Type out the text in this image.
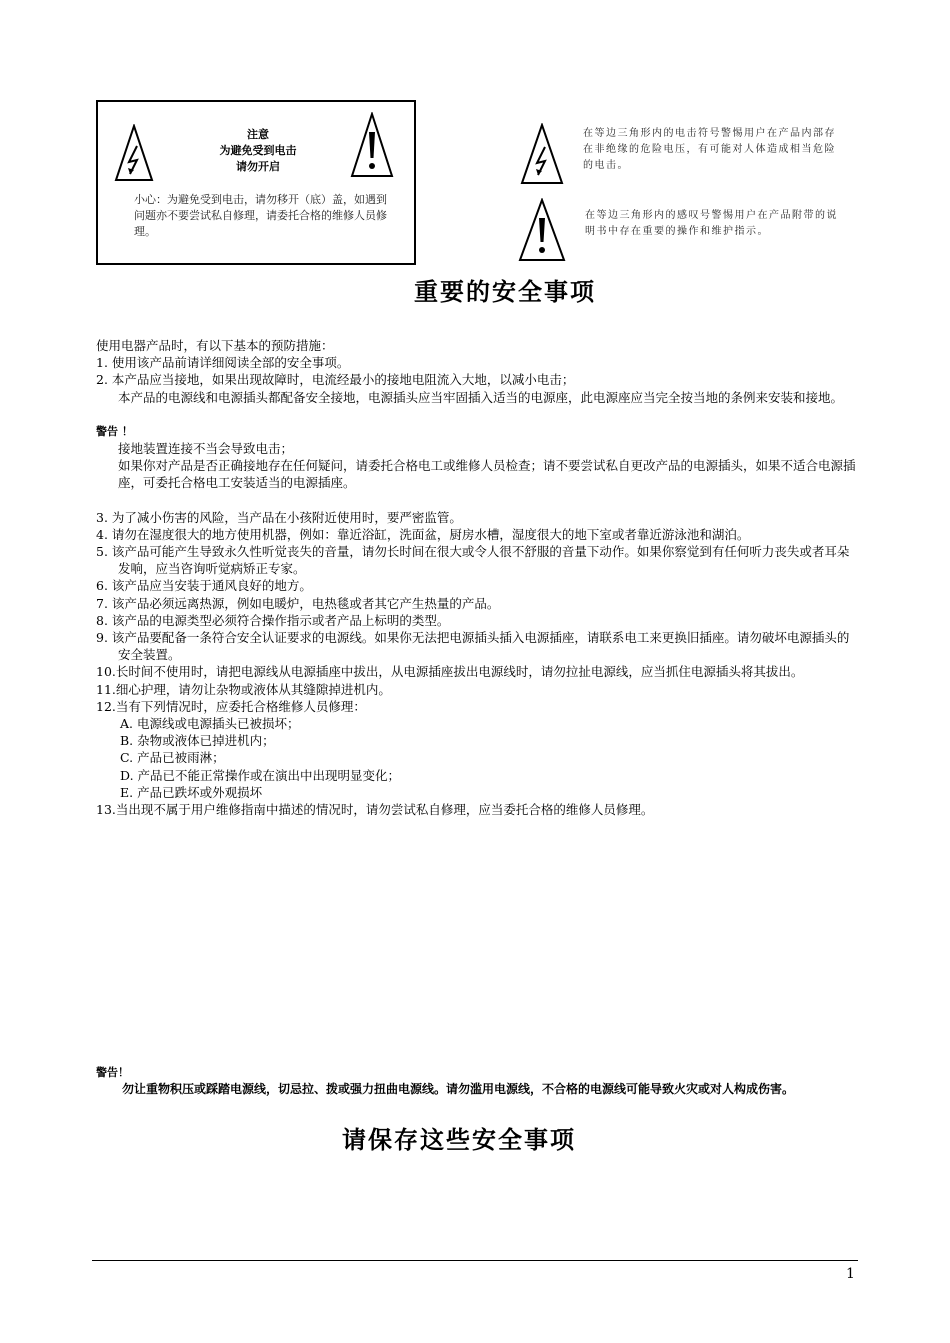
注意
为避免受到电击
请勿开启
小心：为避免受到电击，请勿移开（底）盖，如遇到问题亦不要尝试私自修理，请委托合格的维修人员修理。
在等边三角形内的电击符号警惕用户在产品内部存在非绝缘的危险电压，有可能对人体造成相当危险的电击。
在等边三角形内的感叹号警惕用户在产品附带的说明书中存在重要的操作和维护指示。
重要的安全事项
使用电器产品时，有以下基本的预防措施：
1. 使用该产品前请详细阅读全部的安全事项。
2. 本产品应当接地，如果出现故障时，电流经最小的接地电阻流入大地，以减小电击；
本产品的电源线和电源插头都配备安全接地，电源插头应当牢固插入适当的电源座，此电源座应当完全按当地的条例来安装和接地。
警告 ！
接地装置连接不当会导致电击；
如果你对产品是否正确接地存在任何疑问，请委托合格电工或维修人员检查；请不要尝试私自更改产品的电源插头，如果不适合电源插座，可委托合格电工安装适当的电源插座。
3. 为了减小伤害的风险，当产品在小孩附近使用时，要严密监管。
4. 请勿在湿度很大的地方使用机器，例如：靠近浴缸，洗面盆，厨房水槽，湿度很大的地下室或者靠近游泳池和湖泊。
5. 该产品可能产生导致永久性听觉丧失的音量，请勿长时间在很大或令人很不舒服的音量下动作。如果你察觉到有任何听力丧失或者耳朵发响，应当咨询听觉病矫正专家。
6. 该产品应当安装于通风良好的地方。
7. 该产品必须远离热源，例如电暖炉，电热毯或者其它产生热量的产品。
8. 该产品的电源类型必须符合操作指示或者产品上标明的类型。
9. 该产品要配备一条符合安全认证要求的电源线。如果你无法把电源插头插入电源插座，请联系电工来更换旧插座。请勿破坏电源插头的安全装置。
10.长时间不使用时，请把电源线从电源插座中拔出，从电源插座拔出电源线时，请勿拉扯电源线，应当抓住电源插头将其拔出。
11.细心护理，请勿让杂物或液体从其缝隙掉进机内。
12.当有下列情况时，应委托合格维修人员修理：
A. 电源线或电源插头已被损坏；
B. 杂物或液体已掉进机内；
C. 产品已被雨淋；
D. 产品已不能正常操作或在演出中出现明显变化；
E. 产品已跌坏或外观损坏
13.当出现不属于用户维修指南中描述的情况时，请勿尝试私自修理，应当委托合格的维修人员修理。
警告！
勿让重物积压或踩踏电源线，切忌拉、拨或强力扭曲电源线。请勿滥用电源线，不合格的电源线可能导致火灾或对人构成伤害。
请保存这些安全事项
1
